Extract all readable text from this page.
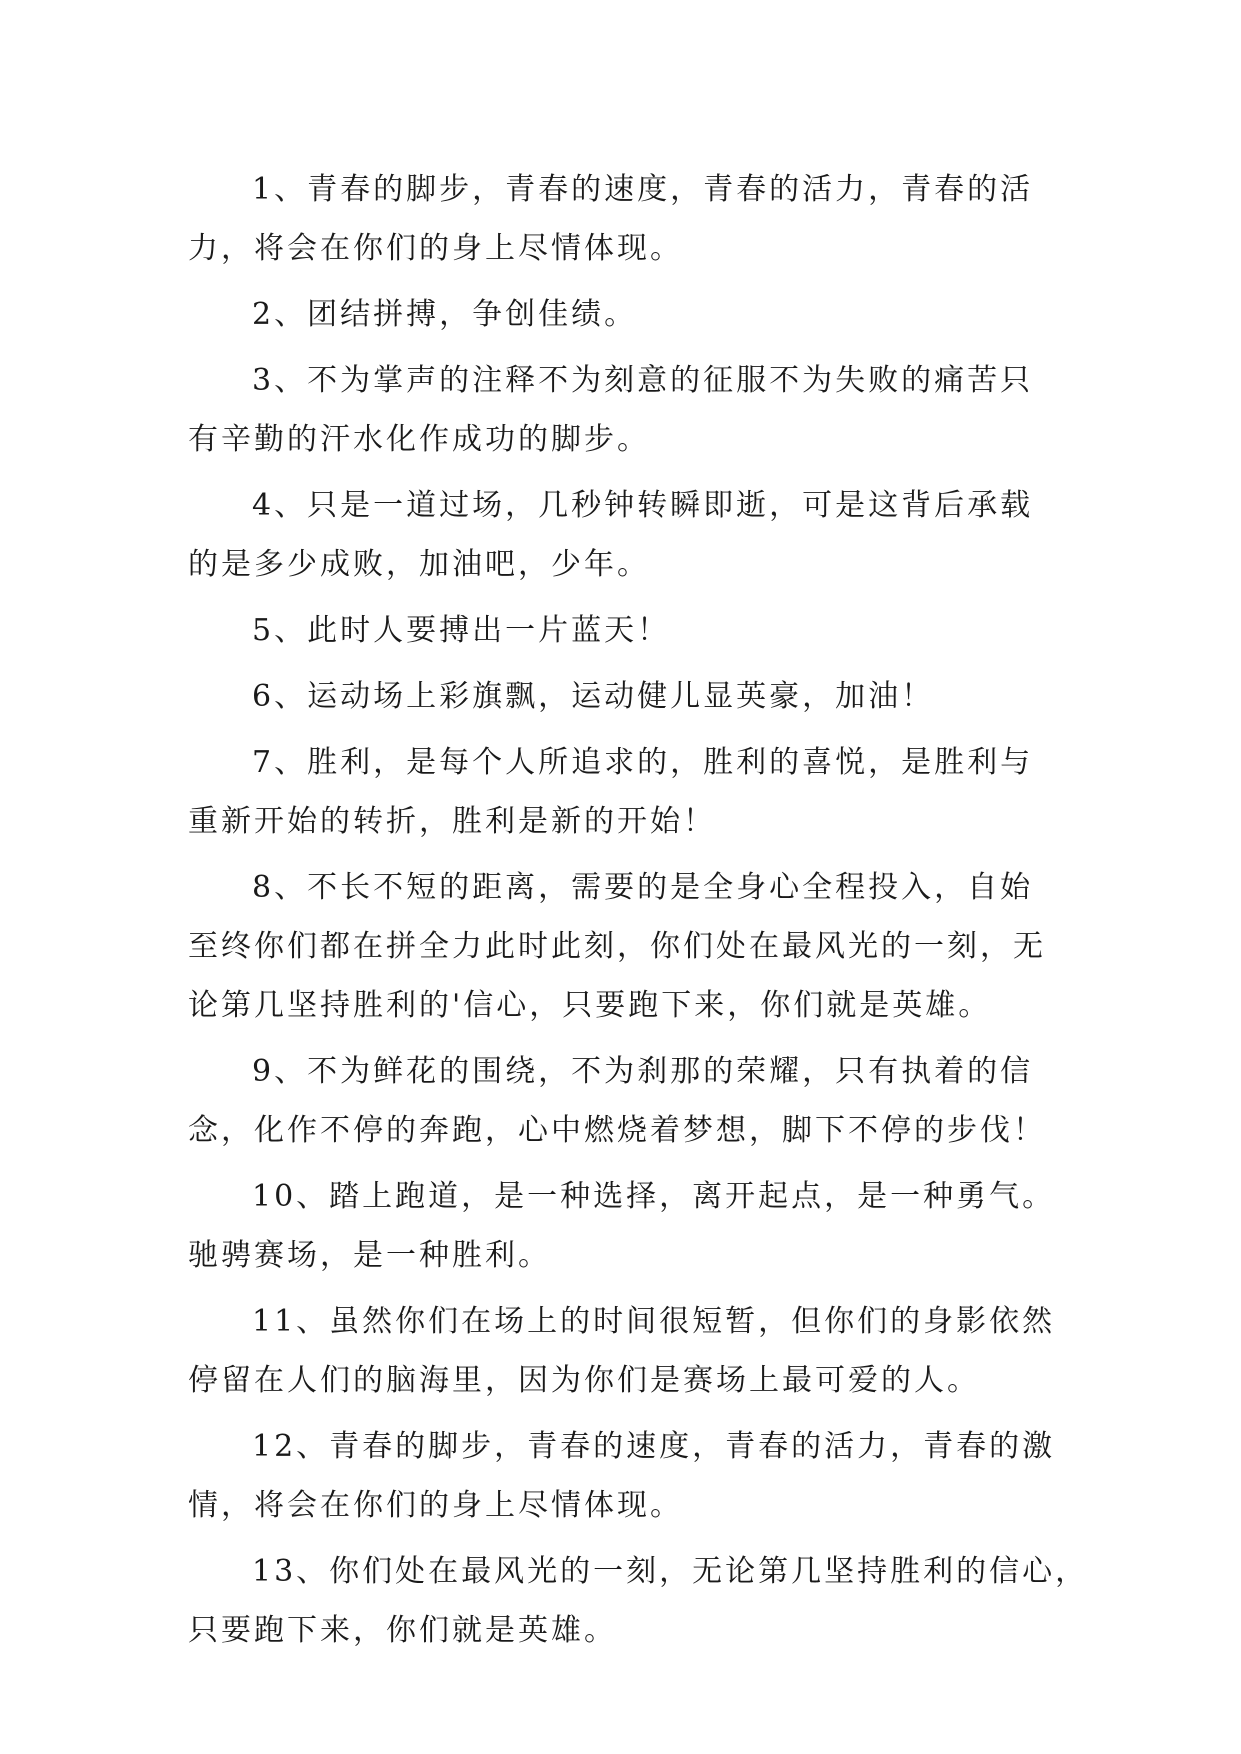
1、青春的脚步，青春的速度，青春的活力，青春的活
力，将会在你们的身上尽情体现。

2、团结拼搏，争创佳绩。

3、不为掌声的注释不为刻意的征服不为失败的痛苦只
有辛勤的汗水化作成功的脚步。

4、只是一道过场，几秒钟转瞬即逝，可是这背后承载
的是多少成败，加油吧，少年。

5、此时人要搏出一片蓝天！

6、运动场上彩旗飘，运动健儿显英豪，加油！

7、胜利，是每个人所追求的，胜利的喜悦，是胜利与
重新开始的转折，胜利是新的开始！

8、不长不短的距离，需要的是全身心全程投入，自始
至终你们都在拼全力此时此刻，你们处在最风光的一刻，无
论第几坚持胜利的'信心，只要跑下来，你们就是英雄。

9、不为鲜花的围绕，不为刹那的荣耀，只有执着的信
念，化作不停的奔跑，心中燃烧着梦想，脚下不停的步伐！

10、踏上跑道，是一种选择，离开起点，是一种勇气。
驰骋赛场，是一种胜利。

11、虽然你们在场上的时间很短暂，但你们的身影依然
停留在人们的脑海里，因为你们是赛场上最可爱的人。

12、青春的脚步，青春的速度，青春的活力，青春的激
情，将会在你们的身上尽情体现。

13、你们处在最风光的一刻，无论第几坚持胜利的信心，
只要跑下来，你们就是英雄。
